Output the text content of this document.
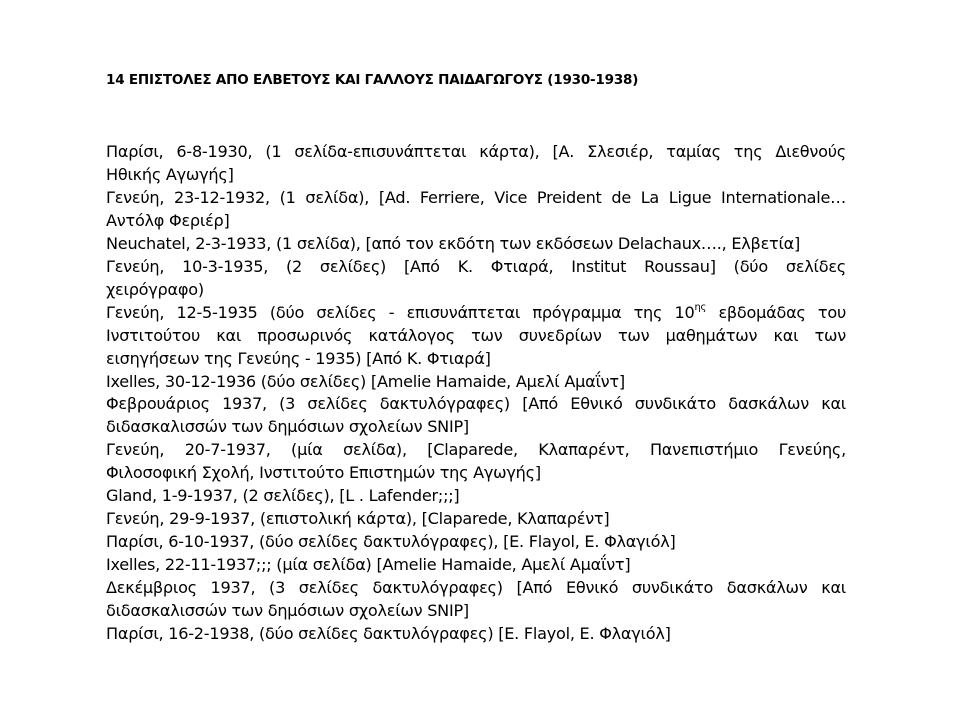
14 ΕΠΙΣΤΟΛΕΣ ΑΠΟ ΕΛΒΕΤΟΥΣ ΚΑΙ ΓΑΛΛΟΥΣ ΠΑΙΔΑΓΩΓΟΥΣ (1930-1938)
Παρίσι, 6-8-1930, (1 σελίδα-επισυνάπτεται κάρτα), [Α. Σλεσιέρ, ταμίας της Διεθνούς
Ηθικής Αγωγής]
Γενεύη, 23-12-1932, (1 σελίδα), [Ad. Ferriere, Vice Preident de La Ligue Internationale…
Αντόλφ Φεριέρ]
Neuchatel, 2-3-1933, (1 σελίδα), [από τον εκδότη των εκδόσεων Delachaux…., Ελβετία]
Γενεύη, 10-3-1935, (2 σελίδες) [Από Κ. Φτιαρά, Institut Roussau] (δύο σελίδες
χειρόγραφο)
Γενεύη, 12-5-1935 (δύο σελίδες - επισυνάπτεται πρόγραμμα της $10^{\eta\varsigma}$ εβδομάδας του
Ινστιτούτου και προσωρινός κατάλογος των συνεδρίων των μαθημάτων και των
εισηγήσεων της Γενεύης - 1935) [Από Κ. Φτιαρά]
Ixelles, 30-12-1936 (δύο σελίδες) [Amelie Hamaide, Αμελί Αμαΐντ]
Φεβρουάριος 1937, (3 σελίδες δακτυλόγραφες) [Από Εθνικό συνδικάτο δασκάλων και
διδασκαλισσών των δημόσιων σχολείων SNIP]
Γενεύη, 20-7-1937, (μία σελίδα), [Claparede, Κλαπαρέντ, Πανεπιστήμιο Γενεύης,
Φιλοσοφική Σχολή, Ινστιτούτο Επιστημών της Αγωγής]
Gland, 1-9-1937, (2 σελίδες), [L . Lafender;;;]
Γενεύη, 29-9-1937, (επιστολική κάρτα), [Claparede, Κλαπαρέντ]
Παρίσι, 6-10-1937, (δύο σελίδες δακτυλόγραφες), [E. Flayol, Ε. Φλαγιόλ]
Ixelles, 22-11-1937;;; (μία σελίδα) [Amelie Hamaide, Αμελί Αμαΐντ]
Δεκέμβριος 1937, (3 σελίδες δακτυλόγραφες) [Από Εθνικό συνδικάτο δασκάλων και
διδασκαλισσών των δημόσιων σχολείων SNIP]
Παρίσι, 16-2-1938, (δύο σελίδες δακτυλόγραφες) [E. Flayol, Ε. Φλαγιόλ]
